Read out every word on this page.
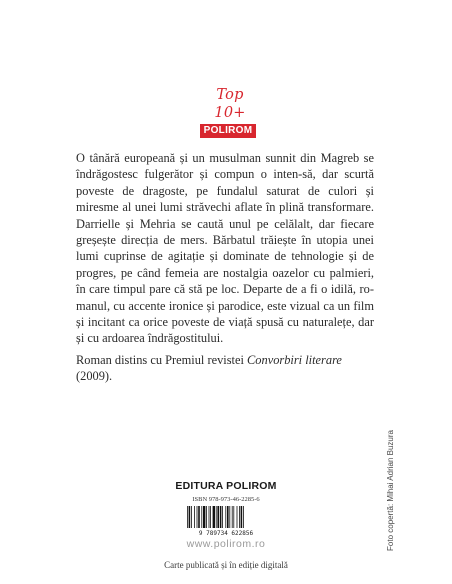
Top 10+
POLIROM

O tânără europeană și un musulman sunnit din Magreb se îndrăgostesc fulgerător și compun o inten-să, dar scurtă poveste de dragoste, pe fundalul saturat de culori și miresme al unei lumi străvechi aflate în plină transformare. Darrielle și Mehria se caută unul pe celălalt, dar fiecare greșește direcția de mers. Bărbatul trăiește în utopia unei lumi cuprinse de agitație și dominate de tehnologie și de progres, pe când femeia are nostalgia oazelor cu palmieri, în care timpul pare că stă pe loc. Departe de a fi o idilă, ro-manul, cu accente ironice și parodice, este vizual ca un film și incitant ca orice poveste de viață spusă cu naturalețe, dar și cu ardoarea îndrăgostitului.

Roman distins cu Premiul revistei Convorbiri literare (2009).

Foto copertă: Mihai Adrian Buzura
EDITURA POLIROM
ISBN 978-973-46-2285-6
9 789734 622856
www.polirom.ro
Carte publicată și în ediție digitală
